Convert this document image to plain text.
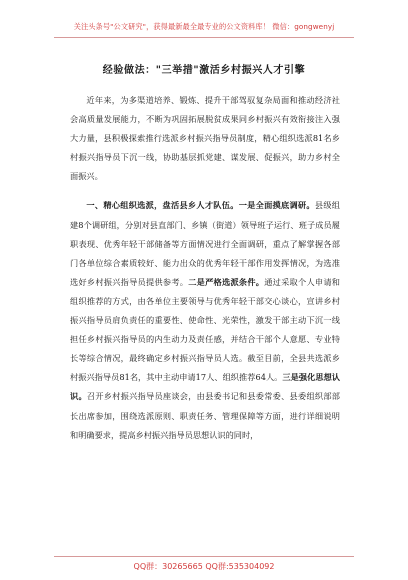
关注头条号"公文研究"，获得最新最全最专业的公文资料库！ 微信：gongwenyj
经验做法："三举措"激活乡村振兴人才引擎

近年来，为多渠道培养、锻炼、提升干部驾驭复杂局面和推动经济社会高质量发展能力，不断为巩固拓展脱贫成果同乡村振兴有效衔接注入强大力量，县积极探索推行选派乡村振兴指导员制度，精心组织选派81名乡村振兴指导员下沉一线，协助基层抓党建、谋发展、促振兴，助力乡村全面振兴。

一、精心组织选派，盘活县乡人才队伍。一是全面摸底调研。县级组建8个调研组，分别对县直部门、乡镇（街道）领导班子运行、班子成员履职表现、优秀年轻干部储备等方面情况进行全面调研，重点了解掌握各部门各单位综合素质较好、能力出众的优秀年轻干部作用发挥情况，为选准选好乡村振兴指导员提供参考。二是严格选派条件。通过采取个人申请和组织推荐的方式，由各单位主要领导与优秀年轻干部交心谈心，宣讲乡村振兴指导员肩负责任的重要性、使命性、光荣性，激发干部主动下沉一线担任乡村振兴指导员的内生动力及责任感，并结合干部个人意愿、专业特长等综合情况，最终确定乡村振兴指导员人选。截至目前，全县共选派乡村振兴指导员81名，其中主动申请17人、组织推荐64人。三是强化思想认识。召开乡村振兴指导员座谈会，由县委书记和县委常委、县委组织部部长出席参加，围绕选派原则、职责任务、管理保障等方面，进行详细说明和明确要求，提高乡村振兴指导员思想认识的同时，

QQ群：30265665 QQ群:535304092
